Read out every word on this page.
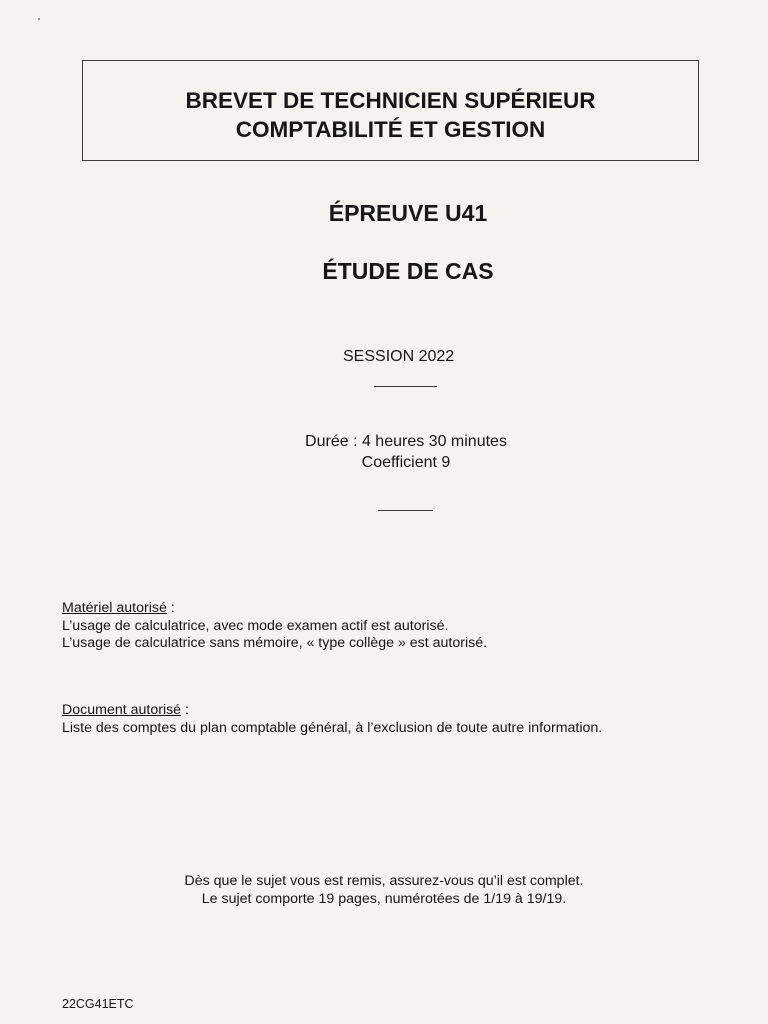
BREVET DE TECHNICIEN SUPÉRIEUR
COMPTABILITÉ ET GESTION
ÉPREUVE U41
ÉTUDE DE CAS
SESSION 2022
Durée : 4 heures 30 minutes
Coefficient 9
Matériel autorisé :
L’usage de calculatrice, avec mode examen actif est autorisé.
L’usage de calculatrice sans mémoire, « type collège » est autorisé.
Document autorisé :
Liste des comptes du plan comptable général, à l’exclusion de toute autre information.
Dès que le sujet vous est remis, assurez-vous qu’il est complet.
Le sujet comporte 19 pages, numérotées de 1/19 à 19/19.
22CG41ETC
